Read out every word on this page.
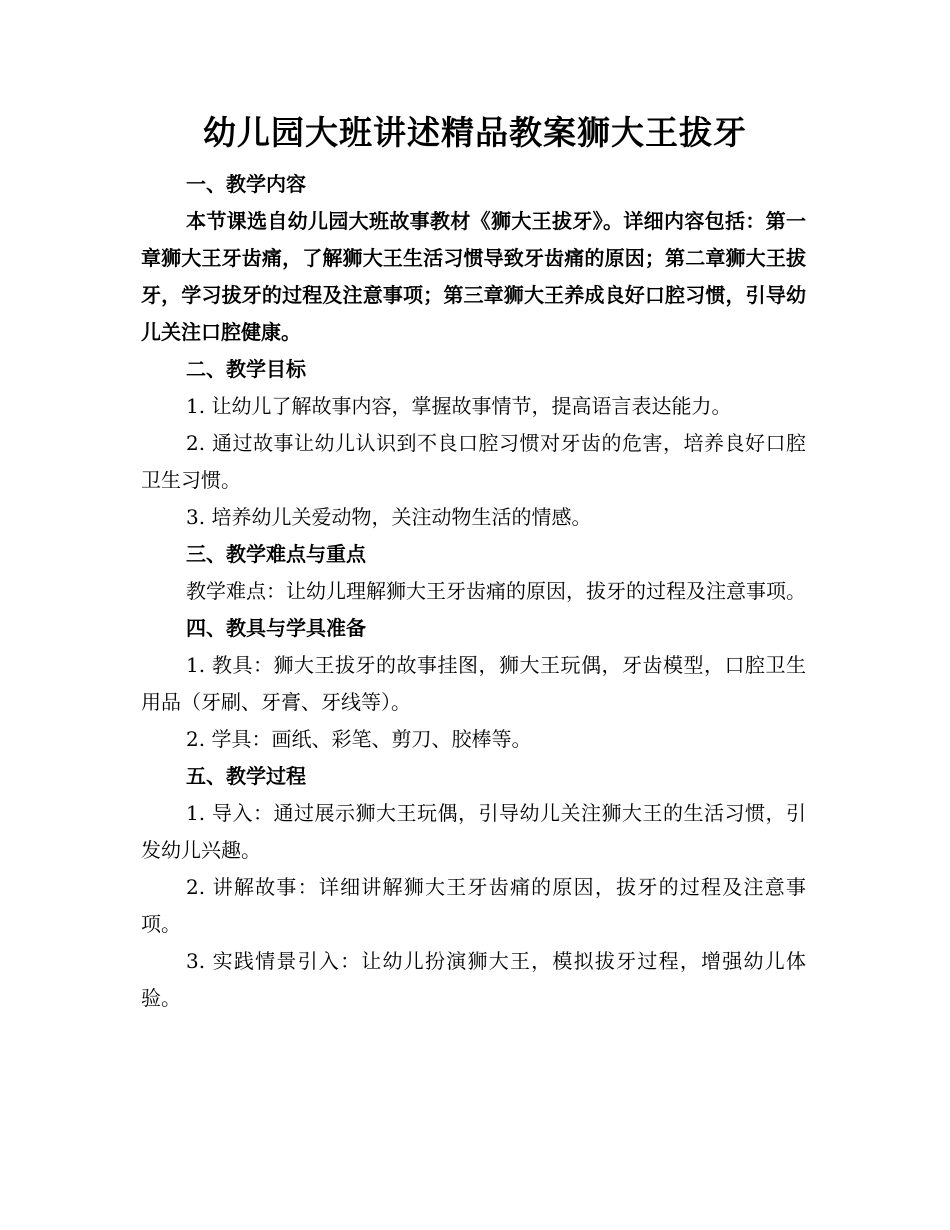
幼儿园大班讲述精品教案狮大王拔牙

一、教学内容

本节课选自幼儿园大班故事教材《狮大王拔牙》。详细内容包括：第一章狮大王牙齿痛，了解狮大王生活习惯导致牙齿痛的原因；第二章狮大王拔牙，学习拔牙的过程及注意事项；第三章狮大王养成良好口腔习惯，引导幼儿关注口腔健康。

二、教学目标

1. 让幼儿了解故事内容，掌握故事情节，提高语言表达能力。

2. 通过故事让幼儿认识到不良口腔习惯对牙齿的危害，培养良好口腔卫生习惯。

3. 培养幼儿关爱动物，关注动物生活的情感。

三、教学难点与重点

教学难点：让幼儿理解狮大王牙齿痛的原因，拔牙的过程及注意事项。

四、教具与学具准备

1. 教具：狮大王拔牙的故事挂图，狮大王玩偶，牙齿模型，口腔卫生用品（牙刷、牙膏、牙线等）。

2. 学具：画纸、彩笔、剪刀、胶棒等。

五、教学过程

1. 导入：通过展示狮大王玩偶，引导幼儿关注狮大王的生活习惯，引发幼儿兴趣。

2. 讲解故事：详细讲解狮大王牙齿痛的原因，拔牙的过程及注意事项。

3. 实践情景引入：让幼儿扮演狮大王，模拟拔牙过程，增强幼儿体验。
